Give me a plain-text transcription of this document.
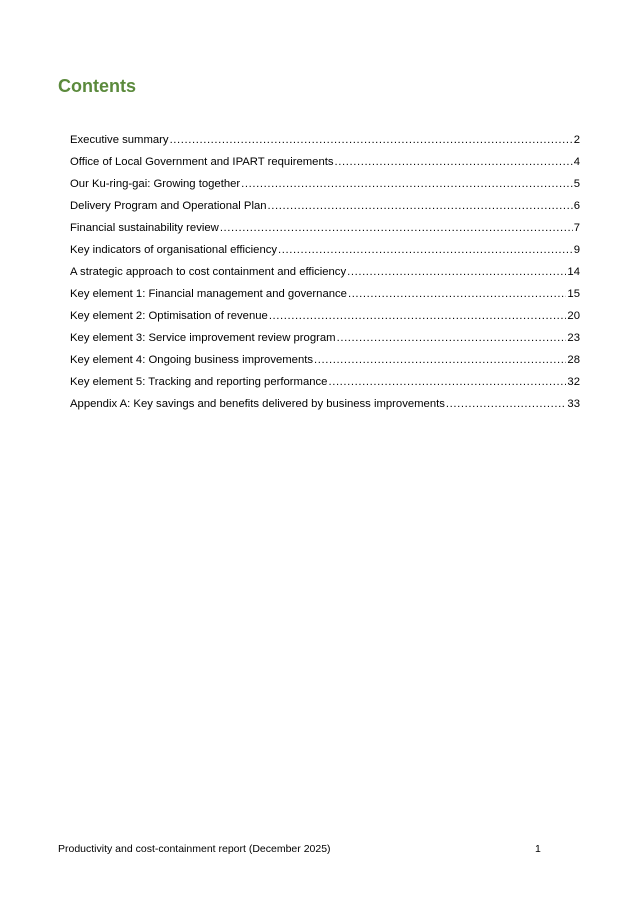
Contents
Executive summary .....	2
Office of Local Government and IPART requirements .....	4
Our Ku-ring-gai: Growing together .....	5
Delivery Program and Operational Plan .....	6
Financial sustainability review .....	7
Key indicators of organisational efficiency .....	9
A strategic approach to cost containment and efficiency .....	14
Key element 1: Financial management and governance .....	15
Key element 2: Optimisation of revenue .....	20
Key element 3: Service improvement review program .....	23
Key element 4: Ongoing business improvements .....	28
Key element 5: Tracking and reporting performance .....	32
Appendix A: Key savings and benefits delivered by business improvements .....	33
Productivity and cost-containment report (December 2025)	1
